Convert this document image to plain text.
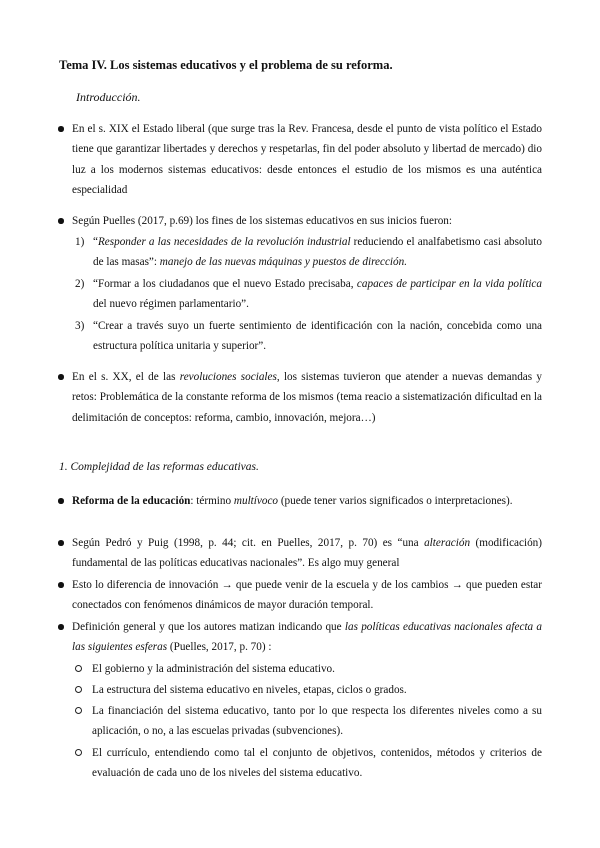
Tema IV. Los sistemas educativos y el problema de su reforma.
Introducción.
En el s. XIX el Estado liberal (que surge tras la Rev. Francesa, desde el punto de vista político el Estado tiene que garantizar libertades y derechos y respetarlas, fin del poder absoluto y libertad de mercado) dio luz a los modernos sistemas educativos: desde entonces el estudio de los mismos es una auténtica especialidad
Según Puelles (2017, p.69) los fines de los sistemas educativos en sus inicios fueron:
1) “Responder a las necesidades de la revolución industrial reduciendo el analfabetismo casi absoluto de las masas”: manejo de las nuevas máquinas y puestos de dirección.
2) “Formar a los ciudadanos que el nuevo Estado precisaba, capaces de participar en la vida política del nuevo régimen parlamentario”.
3) “Crear a través suyo un fuerte sentimiento de identificación con la nación, concebida como una estructura política unitaria y superior”.
En el s. XX, el de las revoluciones sociales, los sistemas tuvieron que atender a nuevas demandas y retos: Problemática de la constante reforma de los mismos (tema reacio a sistematización dificultad en la delimitación de conceptos: reforma, cambio, innovación, mejora…)
1. Complejidad de las reformas educativas.
Reforma de la educación: término multívoco (puede tener varios significados o interpretaciones).
Según Pedró y Puig (1998, p. 44; cit. en Puelles, 2017, p. 70) es “una alteración (modificación) fundamental de las políticas educativas nacionales”. Es algo muy general
Esto lo diferencia de innovación → que puede venir de la escuela y de los cambios → que pueden estar conectados con fenómenos dinámicos de mayor duración temporal.
Definición general y que los autores matizan indicando que las políticas educativas nacionales afecta a las siguientes esferas (Puelles, 2017, p. 70) :
El gobierno y la administración del sistema educativo.
La estructura del sistema educativo en niveles, etapas, ciclos o grados.
La financiación del sistema educativo, tanto por lo que respecta los diferentes niveles como a su aplicación, o no, a las escuelas privadas (subvenciones).
El currículo, entendiendo como tal el conjunto de objetivos, contenidos, métodos y criterios de evaluación de cada uno de los niveles del sistema educativo.
